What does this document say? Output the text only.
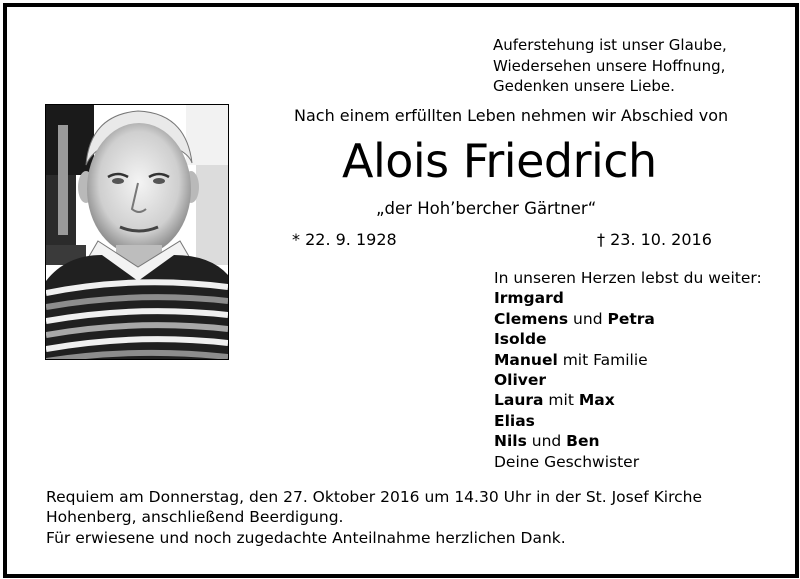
Auferstehung ist unser Glaube,
Wiedersehen unsere Hoffnung,
Gedenken unsere Liebe.
Nach einem erfüllten Leben nehmen wir Abschied von
Alois Friedrich
„der Hoh’bercher Gärtner“
* 22. 9. 1928	† 23. 10. 2016
In unseren Herzen lebst du weiter:
Irmgard
Clemens und Petra
Isolde
Manuel mit Familie
Oliver
Laura mit Max
Elias
Nils und Ben
Deine Geschwister
Requiem am Donnerstag, den 27. Oktober 2016 um 14.30 Uhr in der St. Josef Kirche
Hohenberg, anschließend Beerdigung.
Für erwiesene und noch zugedachte Anteilnahme herzlichen Dank.
